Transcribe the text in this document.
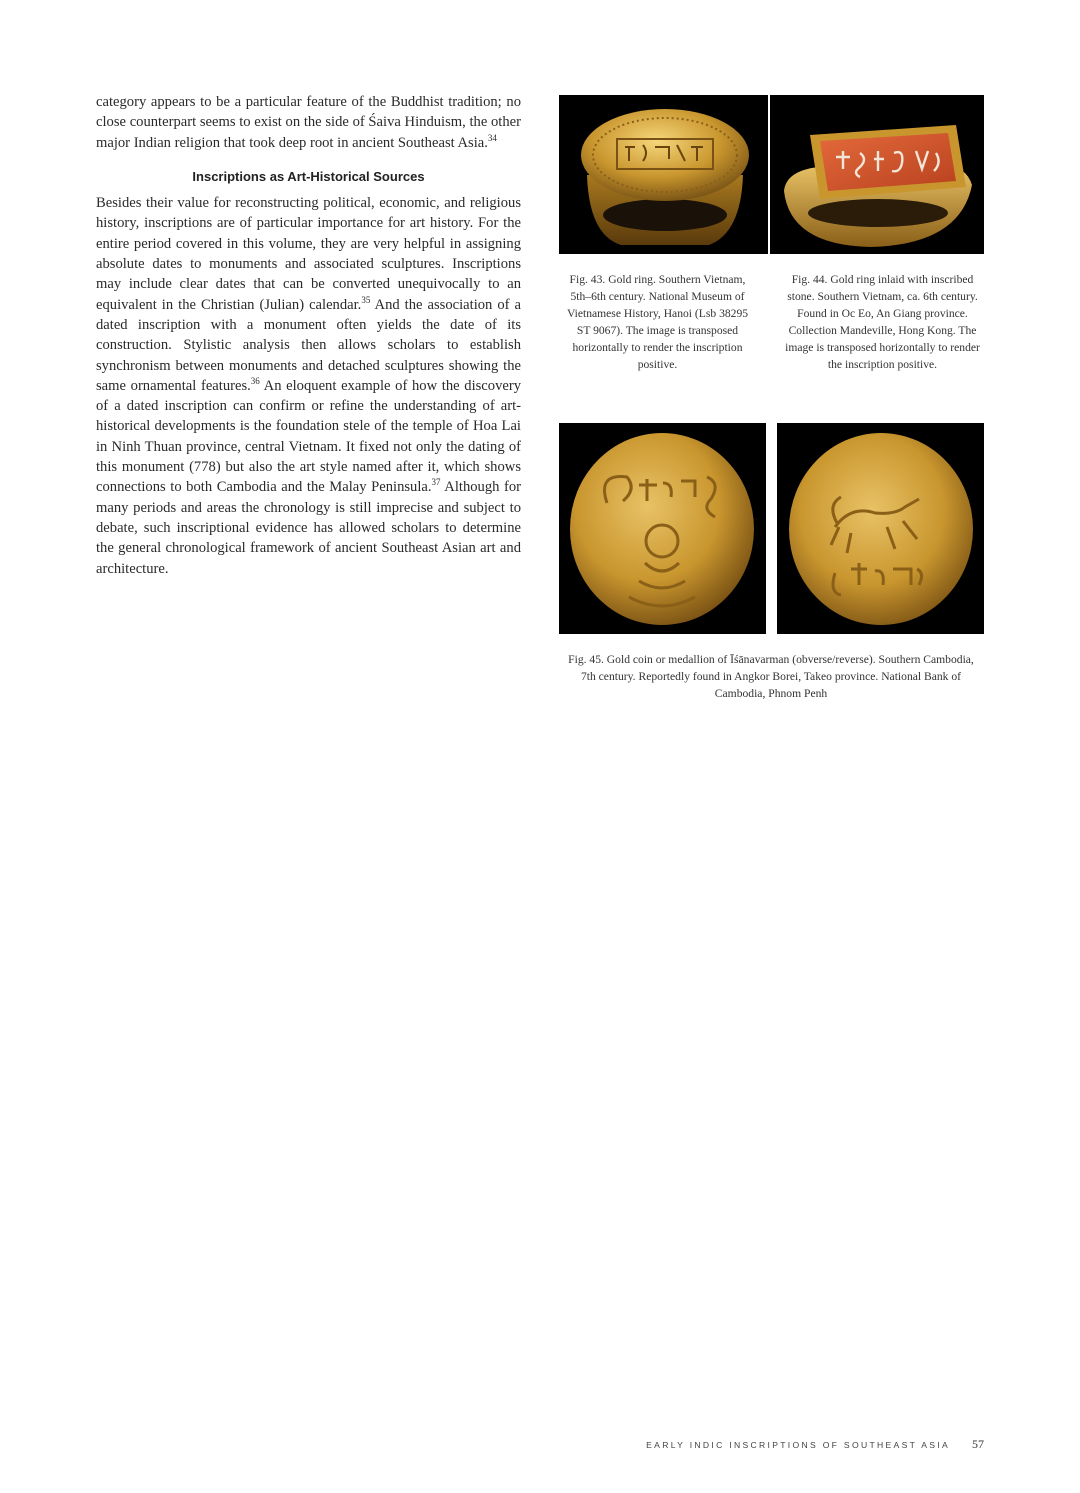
category appears to be a particular feature of the Buddhist tradition; no close counterpart seems to exist on the side of Śaiva Hinduism, the other major Indian religion that took deep root in ancient Southeast Asia.$^{34}$

Inscriptions as Art-Historical Sources

Besides their value for reconstructing political, economic, and religious history, inscriptions are of particular importance for art history. For the entire period covered in this volume, they are very helpful in assigning absolute dates to monuments and associated sculptures. Inscriptions may include clear dates that can be converted unequivocally to an equivalent in the Christian (Julian) calendar.$^{35}$ And the association of a dated inscription with a monument often yields the date of its construction. Stylistic analysis then allows scholars to establish synchronism between monuments and detached sculptures showing the same ornamental features.$^{36}$ An eloquent example of how the discovery of a dated inscription can confirm or refine the understanding of art-historical developments is the foundation stele of the temple of Hoa Lai in Ninh Thuan province, central Vietnam. It fixed not only the dating of this monument (778) but also the art style named after it, which shows connections to both Cambodia and the Malay Peninsula.$^{37}$ Although for many periods and areas the chronology is still imprecise and subject to debate, such inscriptional evidence has allowed scholars to determine the general chronological framework of ancient Southeast Asian art and architecture.

Fig. 43. Gold ring. Southern Vietnam, 5th–6th century. National Museum of Vietnamese History, Hanoi (Lsb 38295 ST 9067). The image is transposed horizontally to render the inscription positive.
Fig. 44. Gold ring inlaid with inscribed stone. Southern Vietnam, ca. 6th century. Found in Oc Eo, An Giang province. Collection Mandeville, Hong Kong. The image is transposed horizontally to render the inscription positive.
Fig. 45. Gold coin or medallion of Īśānavarman (obverse/reverse). Southern Cambodia, 7th century. Reportedly found in Angkor Borei, Takeo province. National Bank of Cambodia, Phnom Penh
EARLY INDIC INSCRIPTIONS OF SOUTHEAST ASIA 57
